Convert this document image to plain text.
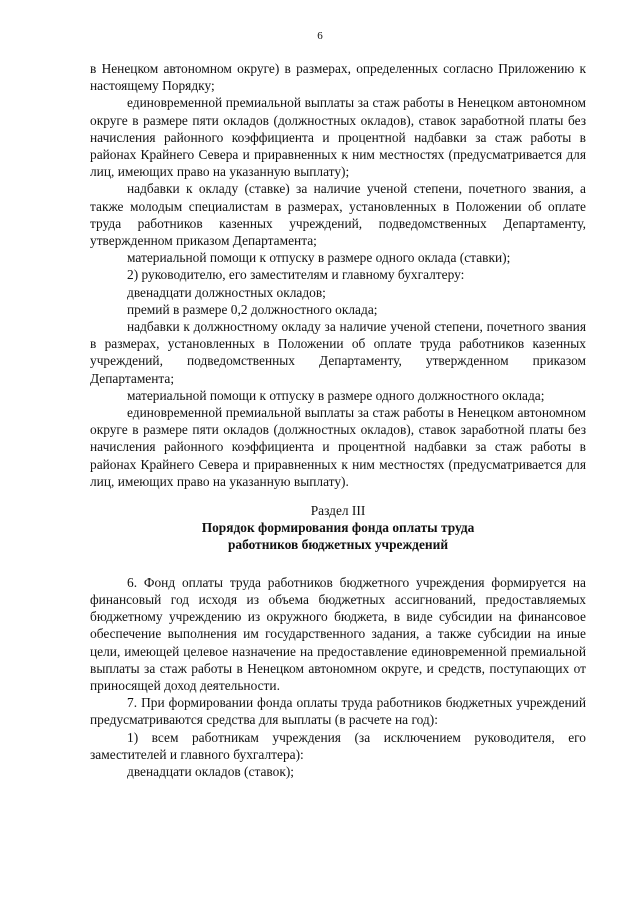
6

в Ненецком автономном округе) в размерах, определенных согласно Приложению к настоящему Порядку;

единовременной премиальной выплаты за стаж работы в Ненецком автономном округе в размере пяти окладов (должностных окладов), ставок заработной платы без начисления районного коэффициента и процентной надбавки за стаж работы в районах Крайнего Севера и приравненных к ним местностях (предусматривается для лиц, имеющих право на указанную выплату);

надбавки к окладу (ставке) за наличие ученой степени, почетного звания, а также молодым специалистам в размерах, установленных в Положении об оплате труда работников казенных учреждений, подведомственных Департаменту, утвержденном приказом Департамента;

материальной помощи к отпуску в размере одного оклада (ставки);

2) руководителю, его заместителям и главному бухгалтеру:

двенадцати должностных окладов;

премий в размере 0,2 должностного оклада;

надбавки к должностному окладу за наличие ученой степени, почетного звания в размерах, установленных в Положении об оплате труда работников казенных учреждений, подведомственных Департаменту, утвержденном приказом Департамента;

материальной помощи к отпуску в размере одного должностного оклада;

единовременной премиальной выплаты за стаж работы в Ненецком автономном округе в размере пяти окладов (должностных окладов), ставок заработной платы без начисления районного коэффициента и процентной надбавки за стаж работы в районах Крайнего Севера и приравненных к ним местностях (предусматривается для лиц, имеющих право на указанную выплату).

Раздел III

Порядок формирования фонда оплаты труда

работников бюджетных учреждений

6. Фонд оплаты труда работников бюджетного учреждения формируется на финансовый год исходя из объема бюджетных ассигнований, предоставляемых бюджетному учреждению из окружного бюджета, в виде субсидии на финансовое обеспечение выполнения им государственного задания, а также субсидии на иные цели, имеющей целевое назначение на предоставление единовременной премиальной выплаты за стаж работы в Ненецком автономном округе, и средств, поступающих от приносящей доход деятельности.

7. При формировании фонда оплаты труда работников бюджетных учреждений предусматриваются средства для выплаты (в расчете на год):

1) всем работникам учреждения (за исключением руководителя, его заместителей и главного бухгалтера):

двенадцати окладов (ставок);
